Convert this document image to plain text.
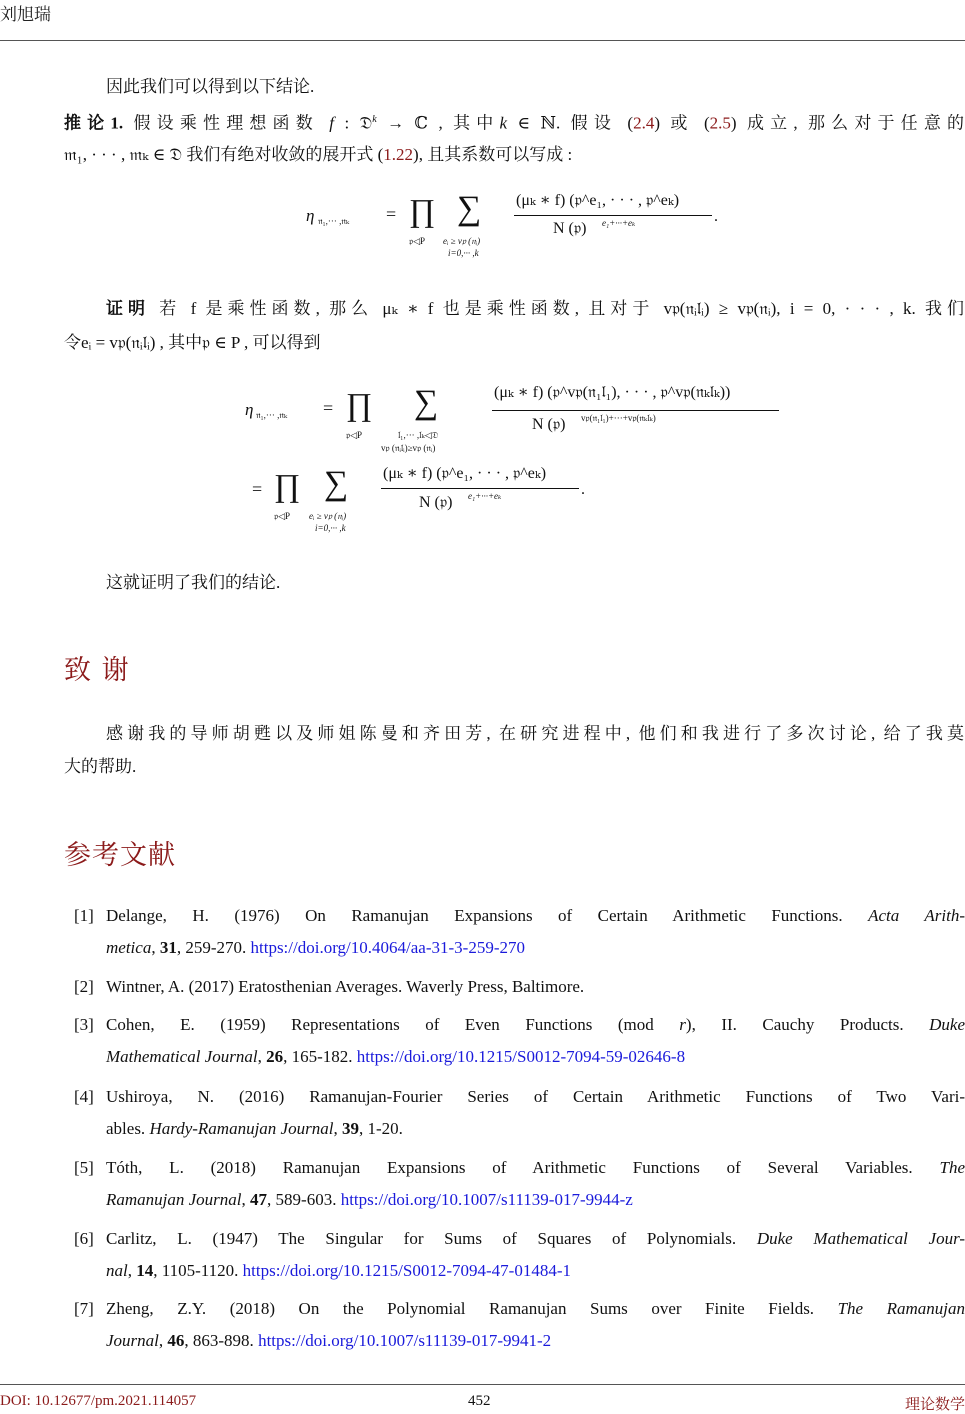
刘旭瑞
因此我们可以得到以下结论.
推论1. 假设乘性理想函数 f : 𝔇$^k$ → ℂ , 其中k ∈ ℕ. 假设 (2.4) 或 (2.5) 成立, 那么对于任意的
𝔪₁, · · · , 𝔪ₖ ∈ 𝔇 我们有绝对收敛的展开式 (1.22), 且其系数可以写成 :
η 𝔫₁,··· ,𝔫ₖ = ∏
𝔭◁P
∑
eᵢ ≥ v𝔭 (𝔫ᵢ)
i=0,··· ,k
(μₖ ∗ f) (𝔭^e₁, · · · , 𝔭^eₖ)
N (𝔭) e₁+···+eₖ	.
证明 若 f 是乘性函数, 那么 μₖ ∗ f 也是乘性函数, 且对于 v𝔭(𝔫ᵢ𝔩ᵢ) ≥ v𝔭(𝔫ᵢ), i = 0, · · · , k. 我们
令eᵢ = v𝔭(𝔫ᵢ𝔩ᵢ) , 其中𝔭 ∈ P , 可以得到
η 𝔫₁,··· ,𝔫ₖ = ∏
𝔭◁P
∑
𝔩₁,··· ,𝔩ₖ◁𝔇
v𝔭 (𝔫ᵢ𝔩ᵢ)≥v𝔭 (𝔫ᵢ)
(μₖ ∗ f) (𝔭^v𝔭(𝔫₁𝔩₁), · · · , 𝔭^v𝔭(𝔫ₖ𝔩ₖ))
N (𝔭) v𝔭(𝔫₁𝔩₁)+···+v𝔭(𝔫ₖ𝔩ₖ)
= ∏
𝔭◁P
∑
eᵢ ≥ v𝔭 (𝔫ᵢ)
i=0,··· ,k
(μₖ ∗ f) (𝔭^e₁, · · · , 𝔭^eₖ)
N (𝔭) e₁+···+eₖ	.
这就证明了我们的结论.
致 谢
感谢我的导师胡甦以及师姐陈曼和齐田芳, 在研究进程中, 他们和我进行了多次讨论, 给了我莫
大的帮助.
参考文献
[1] Delange, H. (1976) On Ramanujan Expansions of Certain Arithmetic Functions. Acta Arith-
metica, 31, 259-270. https://doi.org/10.4064/aa-31-3-259-270
[2] Wintner, A. (2017) Eratosthenian Averages. Waverly Press, Baltimore.
[3] Cohen, E. (1959) Representations of Even Functions (mod r), II. Cauchy Products. Duke
Mathematical Journal, 26, 165-182. https://doi.org/10.1215/S0012-7094-59-02646-8
[4] Ushiroya, N. (2016) Ramanujan-Fourier Series of Certain Arithmetic Functions of Two Vari-
ables. Hardy-Ramanujan Journal, 39, 1-20.
[5] Tóth, L. (2018) Ramanujan Expansions of Arithmetic Functions of Several Variables. The
Ramanujan Journal, 47, 589-603. https://doi.org/10.1007/s11139-017-9944-z
[6] Carlitz, L. (1947) The Singular for Sums of Squares of Polynomials. Duke Mathematical Jour-
nal, 14, 1105-1120. https://doi.org/10.1215/S0012-7094-47-01484-1
[7] Zheng, Z.Y. (2018) On the Polynomial Ramanujan Sums over Finite Fields. The Ramanujan
Journal, 46, 863-898. https://doi.org/10.1007/s11139-017-9941-2
DOI: 10.12677/pm.2021.114057	452	理论数学
